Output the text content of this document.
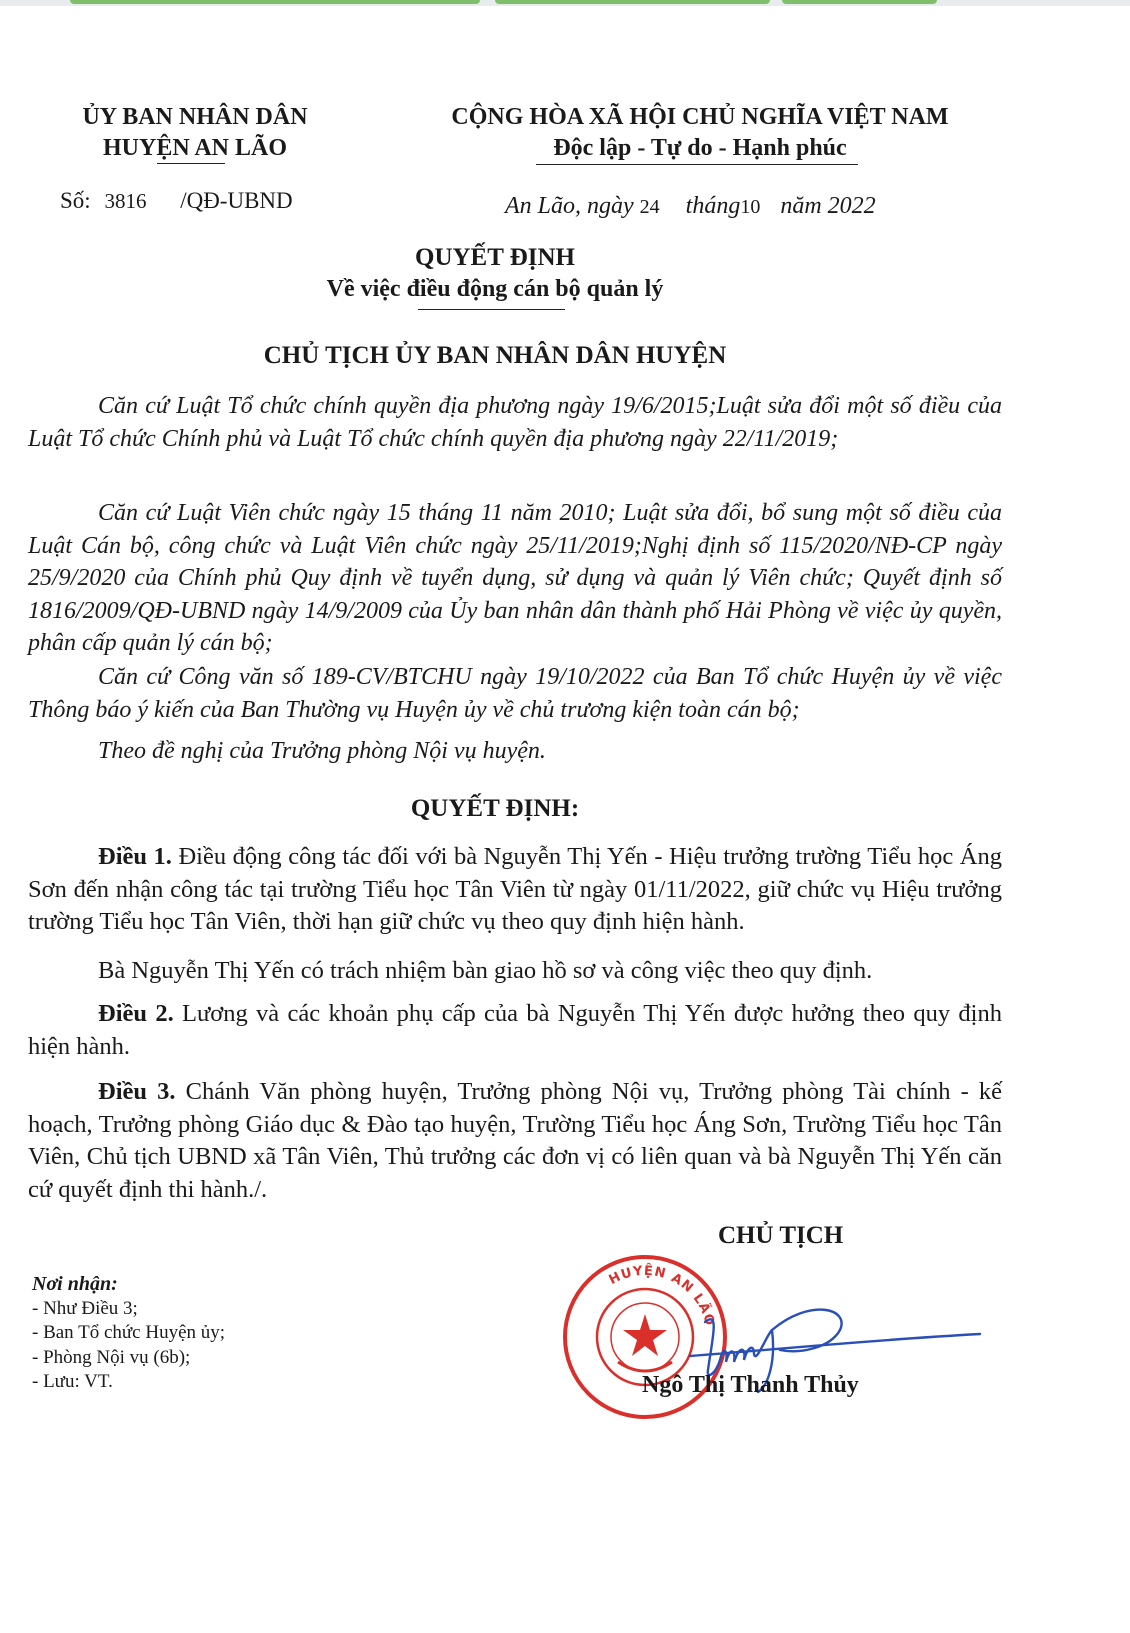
ỦY BAN NHÂN DÂN
HUYỆN AN LÃO
CỘNG HÒA XÃ HỘI CHỦ NGHĨA VIỆT NAM
Độc lập - Tự do - Hạnh phúc
Số: 3816 /QĐ-UBND	An Lão, ngày 24 tháng10 năm 2022
QUYẾT ĐỊNH
Về việc điều động cán bộ quản lý
CHỦ TỊCH ỦY BAN NHÂN DÂN HUYỆN
Căn cứ Luật Tổ chức chính quyền địa phương ngày 19/6/2015;Luật sửa đổi một số điều của Luật Tổ chức Chính phủ và Luật Tổ chức chính quyền địa phương ngày 22/11/2019;
Căn cứ Luật Viên chức ngày 15 tháng 11 năm 2010; Luật sửa đổi, bổ sung một số điều của Luật Cán bộ, công chức và Luật Viên chức ngày 25/11/2019;Nghị định số 115/2020/NĐ-CP ngày 25/9/2020 của Chính phủ Quy định về tuyển dụng, sử dụng và quản lý Viên chức; Quyết định số 1816/2009/QĐ-UBND ngày 14/9/2009 của Ủy ban nhân dân thành phố Hải Phòng về việc ủy quyền, phân cấp quản lý cán bộ;
Căn cứ Công văn số 189-CV/BTCHU ngày 19/10/2022 của Ban Tổ chức Huyện ủy về việc Thông báo ý kiến của Ban Thường vụ Huyện ủy về chủ trương kiện toàn cán bộ;
Theo đề nghị của Trưởng phòng Nội vụ huyện.
QUYẾT ĐỊNH:
Điều 1. Điều động công tác đối với bà Nguyễn Thị Yến - Hiệu trưởng trường Tiểu học Áng Sơn đến nhận công tác tại trường Tiểu học Tân Viên từ ngày 01/11/2022, giữ chức vụ Hiệu trưởng trường Tiểu học Tân Viên, thời hạn giữ chức vụ theo quy định hiện hành.
Bà Nguyễn Thị Yến có trách nhiệm bàn giao hồ sơ và công việc theo quy định.
Điều 2. Lương và các khoản phụ cấp của bà Nguyễn Thị Yến được hưởng theo quy định hiện hành.
Điều 3. Chánh Văn phòng huyện, Trưởng phòng Nội vụ, Trưởng phòng Tài chính - kế hoạch, Trưởng phòng Giáo dục & Đào tạo huyện, Trường Tiểu học Áng Sơn, Trường Tiểu học Tân Viên, Chủ tịch UBND xã Tân Viên, Thủ trưởng các đơn vị có liên quan và bà Nguyễn Thị Yến căn cứ quyết định thi hành./.
Nơi nhận:
- Như Điều 3;
- Ban Tổ chức Huyện ủy;
- Phòng Nội vụ (6b);
- Lưu: VT.
CHỦ TỊCH
HUYỆN AN LÃO
Ngô Thị Thanh Thủy
